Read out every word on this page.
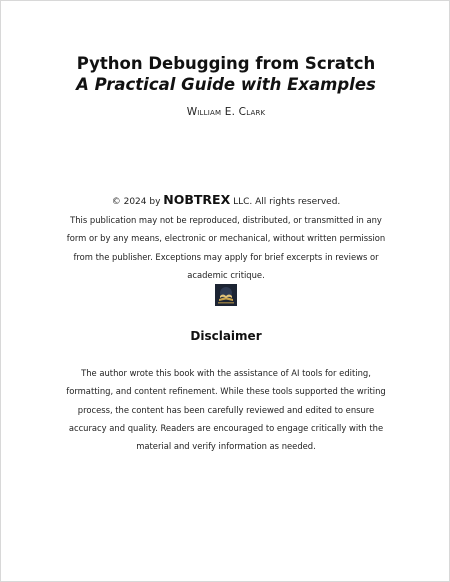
Python Debugging from Scratch
A Practical Guide with Examples
William E. Clark
© 2024 by NOBTREX LLC. All rights reserved.
This publication may not be reproduced, distributed, or transmitted in any form or by any means, electronic or mechanical, without written permission from the publisher. Exceptions may apply for brief excerpts in reviews or academic critique.
Disclaimer
The author wrote this book with the assistance of AI tools for editing, formatting, and content refinement. While these tools supported the writing process, the content has been carefully reviewed and edited to ensure accuracy and quality. Readers are encouraged to engage critically with the material and verify information as needed.
